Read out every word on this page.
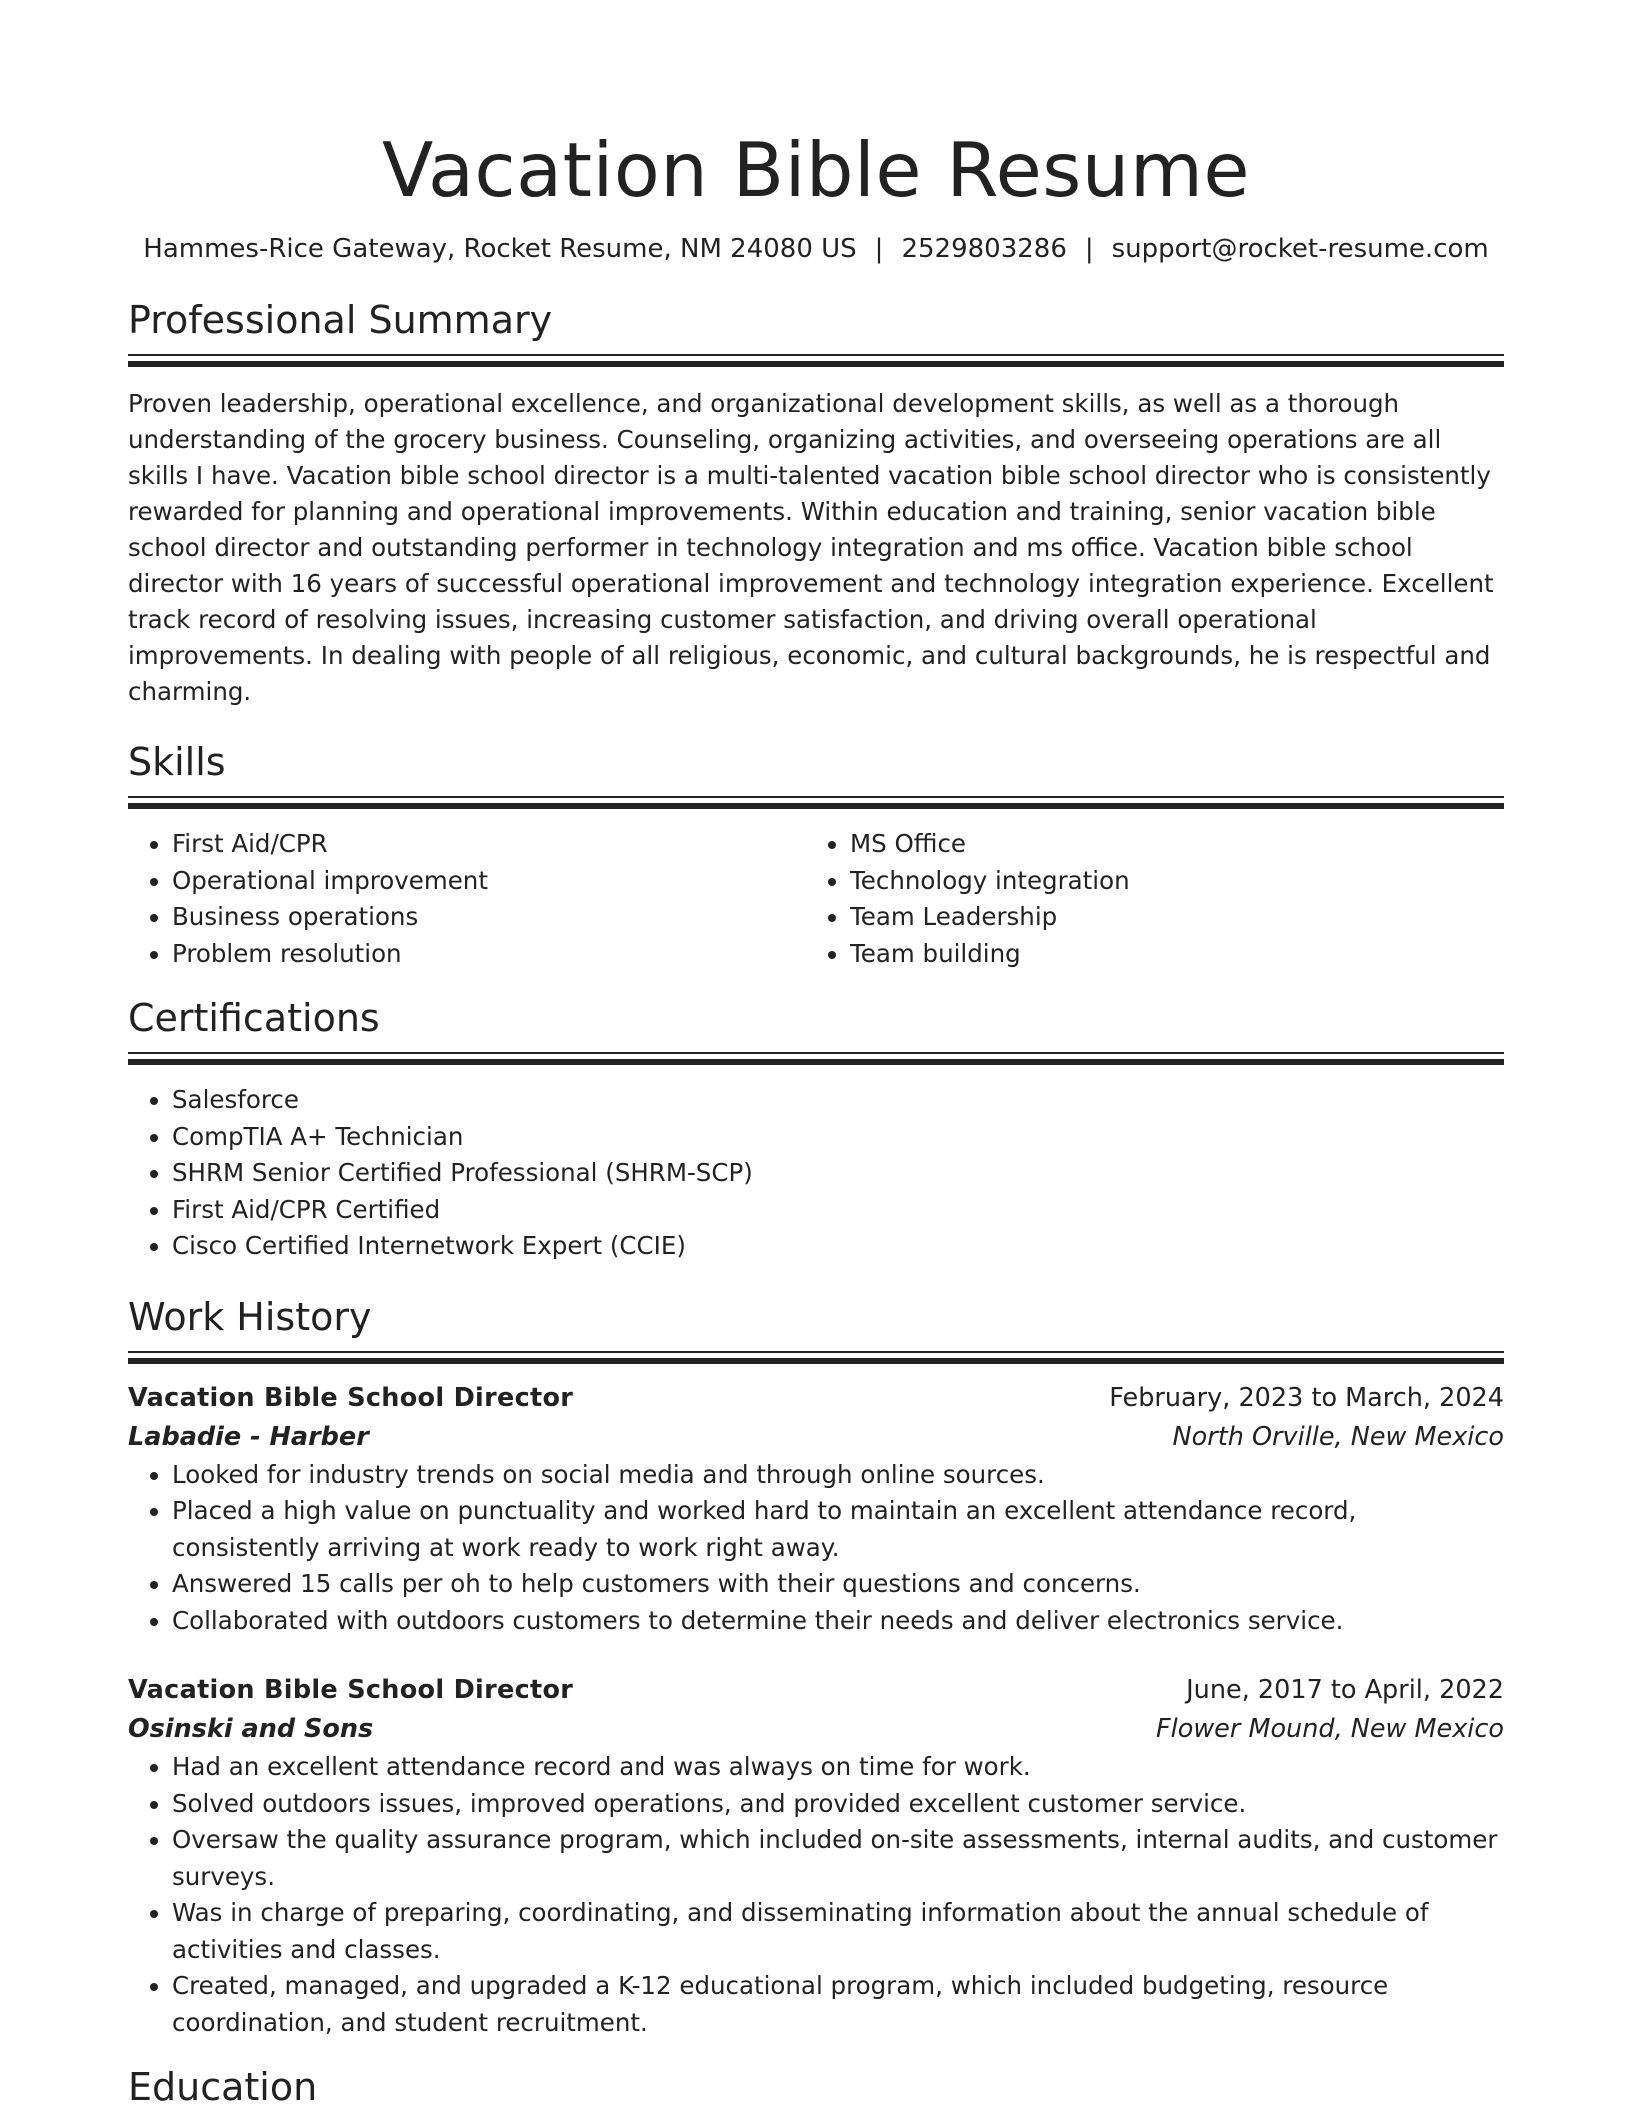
Vacation Bible Resume
Hammes-Rice Gateway, Rocket Resume, NM 24080 US | 2529803286 | support@rocket-resume.com
Professional Summary

Proven leadership, operational excellence, and organizational development skills, as well as a thorough understanding of the grocery business. Counseling, organizing activities, and overseeing operations are all skills I have. Vacation bible school director is a multi-talented vacation bible school director who is consistently rewarded for planning and operational improvements. Within education and training, senior vacation bible school director and outstanding performer in technology integration and ms office. Vacation bible school director with 16 years of successful operational improvement and technology integration experience. Excellent track record of resolving issues, increasing customer satisfaction, and driving overall operational improvements. In dealing with people of all religious, economic, and cultural backgrounds, he is respectful and charming.

Skills
• First Aid/CPR
• Operational improvement
• Business operations
• Problem resolution
• MS Office
• Technology integration
• Team Leadership
• Team building
Certifications
• Salesforce
• CompTIA A+ Technician
• SHRM Senior Certified Professional (SHRM-SCP)
• First Aid/CPR Certified
• Cisco Certified Internetwork Expert (CCIE)
Work History
Vacation Bible School Director	February, 2023 to March, 2024
Labadie - Harber	North Orville, New Mexico
• Looked for industry trends on social media and through online sources.
• Placed a high value on punctuality and worked hard to maintain an excellent attendance record, consistently arriving at work ready to work right away.
• Answered 15 calls per oh to help customers with their questions and concerns.
• Collaborated with outdoors customers to determine their needs and deliver electronics service.
Vacation Bible School Director	June, 2017 to April, 2022
Osinski and Sons	Flower Mound, New Mexico
• Had an excellent attendance record and was always on time for work.
• Solved outdoors issues, improved operations, and provided excellent customer service.
• Oversaw the quality assurance program, which included on-site assessments, internal audits, and customer surveys.
• Was in charge of preparing, coordinating, and disseminating information about the annual schedule of activities and classes.
• Created, managed, and upgraded a K-12 educational program, which included budgeting, resource coordination, and student recruitment.
Education
